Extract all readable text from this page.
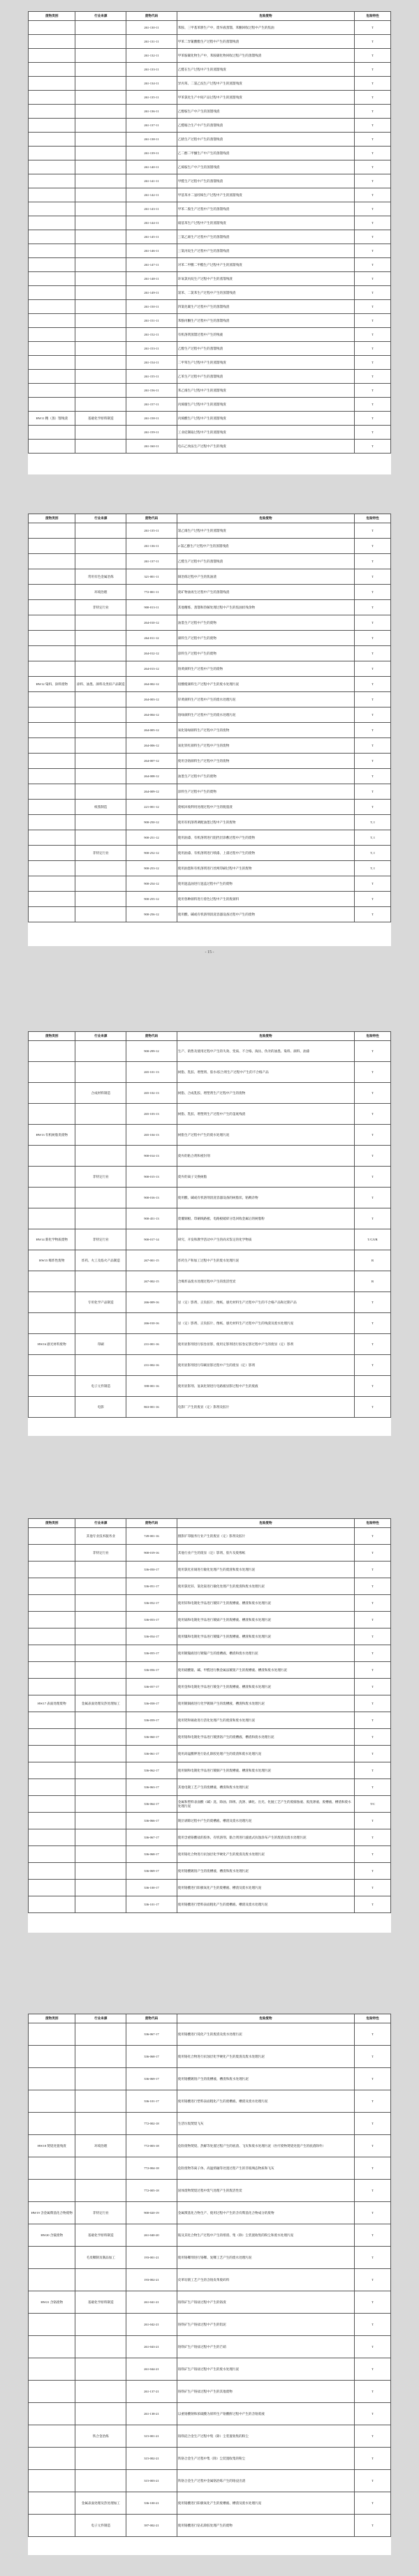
废物类别	行业来源	废物代码	危险废物	危险特性
		261-130-11	苯胺、三甲基苯肼生产中，废弃液蒸馏、苯酮回收过程中产生的焦油	T
		261-131-11	甲苯二异氰酸酯生产过程中产生的蒸馏残渣	T
		261-132-11	甲苯胺碳化物生产中，苯胺碳化物回收过程产生的蒸馏残渣	T
		261-133-11	乙醛在生产过程中产生的蒸馏残渣	T
		261-134-11	异丙苯、二氯乙烷生产过程中产生的蒸馏残渣	T
		261-135-11	甲苯氯化生产中间产品过程中产生的蒸馏残渣	T
		261-136-11	乙醇胺生产中产生的蒸馏残渣	T
		261-137-11	乙醛缩合生产中产生的蒸馏残渣	T
		261-138-11	乙腈生产过程中产生的蒸馏残渣	T
		261-139-11	乙二醇二甲醚生产中产生的蒸馏残渣	T
		261-140-11	乙烯胺生产中产生的蒸馏残渣	T
		261-141-11	甲醛生产过程中产生的蒸馏残渣	T
		261-142-11	甲基苯并二氢吲哚生产过程中产生的蒸馏残渣	T
		261-143-11	甲苯二胺生产过程中产生的蒸馏残渣	T
		261-144-11	硝基苯生产过程中产生的蒸馏残渣	T
		261-145-11	三氯乙烯生产过程中产生的蒸馏残渣	T
		261-146-11	三氯丙烷生产过程中产生的蒸馏残渣	T
		261-147-11	对苯二甲酸二甲酯生产过程中产生的蒸馏残渣	T
		261-148-11	环氧氯丙烷生产过程中产生的蒸馏残渣	T
		261-149-11	氯苯、二氯苯生产过程中产生的蒸馏残渣	T
		261-150-11	四氯化碳生产过程中产生的蒸馏残渣	T
		261-151-11	苯酚丙酮生产过程中产生的蒸馏残渣	T
		261-152-11	有机溶剂蒸馏过程中产生的残液	T
		261-153-11	乙醇生产过程中产生的蒸馏残渣	T
		261-154-11	二甲苯生产过程中产生的蒸馏残渣	T
		261-155-11	乙苯生产过程中产生的蒸馏残渣	T
		261-156-11	苯乙烯生产过程中产生的蒸馏残渣	T
		261-157-11	丙烯腈生产过程中产生的蒸馏残渣	T
HW11 精（蒸）馏残渣	基础化学原料制造	261-158-11	丙烯酸生产过程中产生的蒸馏残渣	T
		261-159-11	工业硅制取过程中产生的蒸馏残渣	T
		261-160-11	电石乙炔法生产过程中产生的残渣	T
废物类别	行业来源	废物代码	危险废物	危险特性
		261-135-11	氯乙烯生产过程中产生的蒸馏残渣	T
		261-136-11	2-氯乙醇生产过程中产生的蒸馏残渣	T
		261-137-11	乙醛生产过程中产生的蒸馏残渣	T
	常用有色金属冶炼	321-001-11	铜冶炼过程中产生的焦油渣	T
	环境治理	772-001-11	废矿物油再生过程中产生的蒸馏残渣	T
	非特定行业	900-013-11	其他精炼、蒸馏和热解处理过程中产生的焦油状残余物	T
		264-010-12	油墨生产过程中产生的废物	T
		264-011-12	颜料生产过程中产生的废物	T
		264-012-12	涂料生产过程中产生的废物	T
		264-013-12	铬黄颜料生产过程中产生的废物	T
HW12 染料、涂料废物	涂料、油墨、颜料及类似产品制造	264-002-12	钼酸橙颜料生产过程中产生的废水处理污泥	T
		264-003-12	锌黄颜料生产过程中产生的废水处理污泥	T
		264-004-12	铬绿颜料生产过程中产生的废水处理污泥	T
		264-005-12	氧化铬绿颜料生产过程中产生的废物	T
		264-006-12	氧化铁红颜料生产过程中产生的废物	T
		264-007-12	使用含铬颜料生产过程中产生的废物	T
		264-008-12	油墨生产过程中产生的废物	T
		264-009-12	涂料生产过程中产生的废物	T
	纸浆制造	221-001-12	废纸回收利用处理过程中产生的脱墨渣	T
		900-250-12	使用有机溶剂调配油墨过程中产生的废物	T, I
		900-251-12	使用油漆、有机溶剂进行阻挡层涂敷过程中产生的废物	T, I
	非特定行业	900-252-12	使用油漆、有机溶剂进行喷漆、上漆过程中产生的废物	T, I
		900-253-12	使用油墨和有机溶剂进行丝网印刷过程中产生的废物	T, I
		900-254-12	使用遮盖油进行遮盖过程中产生的废物	T
		900-255-12	使用各种颜料进行着色过程中产生的废颜料	T
		900-256-12	使用酸、碱或有机溶剂清洗容器设备过程中产生的废物	T
- 15 -
废物类别	行业来源	废物代码	危险废物	危险特性
		900-299-12	生产、销售及使用过程中产生的失效、变质、不合格、淘汰、伪劣的油墨、染料、颜料、油漆	T
		265-101-13	树脂、乳胶、增塑剂、胶水/胶合剂生产过程中产生的不合格产品	T
	合成材料制造	265-102-13	树脂、合成乳胶、增塑剂生产过程中产生的废物	T
		265-103-13	树脂、乳胶、增塑剂生产过程中产生的釜底残渣	T
HW13 有机树脂类废物		265-104-13	树脂生产过程中产生的废水处理污泥	T
		900-014-13	废弃的粘合剂和密封剂	T
	非特定行业	900-015-13	废弃的离子交换树脂	T
		900-016-13	使用酸、碱或有机溶剂清洗容器设备的树脂状、粘稠杂物	T
		900-451-13	废覆铜板、印刷线路板、电路板破碎分选回收金属后的树脂粉	T
HW14 新化学物质废物	非特定行业	900-017-14	研究、开发和教学活动中产生的尚未鉴定的化学物质	T/C/I/R
HW15 爆炸性废物	炸药、火工及焰火产品制造	267-001-15	炸药生产和加工过程中产生的废水处理污泥	R
		267-002-15	含爆炸品废水处理过程中产生的废活性炭	R
	专用化学产品制造	266-009-16	显（定）影剂、正负胶片、像纸、感光材料生产过程中产生的不合格产品和过期产品	T
		266-010-16	显（定）影剂、正负胶片、像纸、感光材料生产过程中产生的残渣及废水处理污泥	T
HW16 感光材料废物	印刷	231-001-16	使用显影剂进行胶卷显影，使用定影剂进行胶卷定影过程中产生的废显（定）影剂	T
		231-002-16	使用显影剂进行印刷显影过程中产生的废显（定）影剂	T
	电子元件制造	398-001-16	使用显影剂、氢氧化钠进行电路板显影过程中产生的废液	T
	电影	863-001-16	电影厂产生的废显（定）影剂及胶片	T
废物类别	行业来源	废物代码	危险废物	危险特性
	其他专业技术服务业	749-001-16	摄影扩印服务行业产生的废显（定）影剂及胶片	T
	非特定行业	900-019-16	其他行业产生的废显（定）影剂、胶片及废像纸	T
		336-050-17	使用氯化亚锡进行敏化处理产生的废渣和废水处理污泥	T
		336-051-17	使用氯化锌、氯化铵进行敏化处理产生的废渣和废水处理污泥	T
		336-052-17	使用锌和电镀化学品进行镀锌产生的废槽液、槽渣和废水处理污泥	T
		336-053-17	使用镉和电镀化学品进行镀镉产生的废槽液、槽渣和废水处理污泥	T
		336-054-17	使用镍和电镀化学品进行镀镍产生的废槽液、槽渣和废水处理污泥	T
		336-055-17	使用镀镍液进行镀镍产生的废槽液、槽渣和废水处理污泥	T
		336-056-17	使用硝酸银、碱、甲醛进行敷金属法镀银产生的废槽液、槽渣和废水处理污泥	T
		336-057-17	使用金和电镀化学品进行镀金产生的废槽液、槽渣和废水处理污泥	T
HW17 表面处理废物	金属表面处理及热处理加工	336-058-17	使用镀铜液进行化学镀铜产生的废槽液、槽渣和废水处理污泥	T
		336-059-17	使用钯和锡盐进行活化处理产生的废渣和废水处理污泥	T
		336-060-17	使用铬和电镀化学品进行镀黑铬产生的废槽液、槽渣和废水处理污泥	T
		336-061-17	使用高锰酸钾进行钻孔除胶处理产生的废渣和废水处理污泥	T
		336-062-17	使用铜和电镀化学品进行镀铜产生的废槽液、槽渣和废水处理污泥	T
		336-063-17	其他电镀工艺产生的废槽液、槽渣和废水处理污泥	T
		336-064-17	金属和塑料表面酸（碱）洗、除油、除锈、洗涤、磷化、出光、化抛工艺产生的废腐蚀液、废洗涤液、废槽液、槽渣和废水处理污泥	T/C
		336-066-17	镀层剥除过程中产生的废槽液、槽渣及废水处理污泥	T
		336-067-17	使用含重铬酸盐的胶体、有机溶剂、黏合剂进行漩流式抗蚀涂布产生的废渣及废水处理污泥	T
		336-068-17	使用铬化合物进行抗蚀层化学硬化产生的废渣及废水处理污泥	T
		336-069-17	使用铬酸镀铬产生的废槽液、槽渣和废水处理污泥	T
		336-100-17	使用铬酸进行阳极氧化产生的废槽液、槽渣及废水处理污泥	T
		336-101-17	使用铬酸进行塑料表面粗化产生的废槽液、槽渣及废水处理污泥	T
废物类别	行业来源	废物代码	危险废物	危险特性
		336-067-17	使用铬酸进行钝化产生的废渣及废水处理污泥	T
		336-068-17	使用铬化合物进行抗蚀层化学硬化产生的废渣及废水处理污泥	T
		336-069-17	使用铬酸镀铬产生的废槽液、槽渣和废水处理污泥	T
		336-101-17	使用铬酸进行塑料表面粗化产生的废槽液、槽渣及废水处理污泥	T
		772-002-18	生活垃圾焚烧飞灰	T
HW18 焚烧处置残渣	环境治理	772-003-18	危险废物焚烧、热解等处置过程产生的底渣、飞灰和废水处理污泥（医疗废物焚烧处置产生的底渣除外）	T
		772-004-18	危险废物等离子体、高温熔融等处置过程产生的非玻璃态物质和飞灰	T
		772-005-18	固体废物焚烧过程中废气处理产生的废活性炭	T
HW19 含金属羰基化合物废物	非特定行业	900-020-19	金属羰基化合物生产、使用过程中产生的含有羰基化合物成分的废物	T
HW20 含铍废物	基础化学原料制造	261-040-20	铍及其化合物生产过程中产生的熔渣、集（除）尘装置收集的粉尘和废水处理污泥	T
	毛皮鞣制及制品加工	193-001-21	使用铬鞣剂进行铬鞣、复鞣工艺产生的废水处理污泥	T
		193-002-21	皮革切削工艺产生的含铬皮革废碎料	T
HW21 含铬废物	基础化学原料制造	261-041-21	铬铁矿生产铬盐过程中产生的铬渣	T
		261-042-21	铬铁矿生产铬盐过程中产生的铝泥	T
		261-043-21	铬铁矿生产铬盐过程中产生的芒硝	T
		261-044-21	铬铁矿生产铬盐过程中产生的废水处理污泥	T
		261-137-21	铬铁矿生产铬盐过程中产生的其他废物	T
		261-138-21	以重铬酸钠和浓硫酸为原料生产铬酸酐过程中产生的含铬废液	T
	铁合金冶炼	315-001-21	铬铁硅合金生产过程中集（除）尘装置收集的粉尘	T
		315-002-21	铁铬合金生产过程中集（除）尘装置收集的粉尘	T
		315-003-21	铁铬合金生产过程中金属铬冶炼产生的铬浸出渣	T
	金属表面处理及热处理加工	336-100-21	使用铬酸进行阳极氧化产生的废槽液、槽渣及废水处理污泥	T
	电子元件制造	397-002-21	使用铬酸进行钻孔除胶处理产生的废物	T
